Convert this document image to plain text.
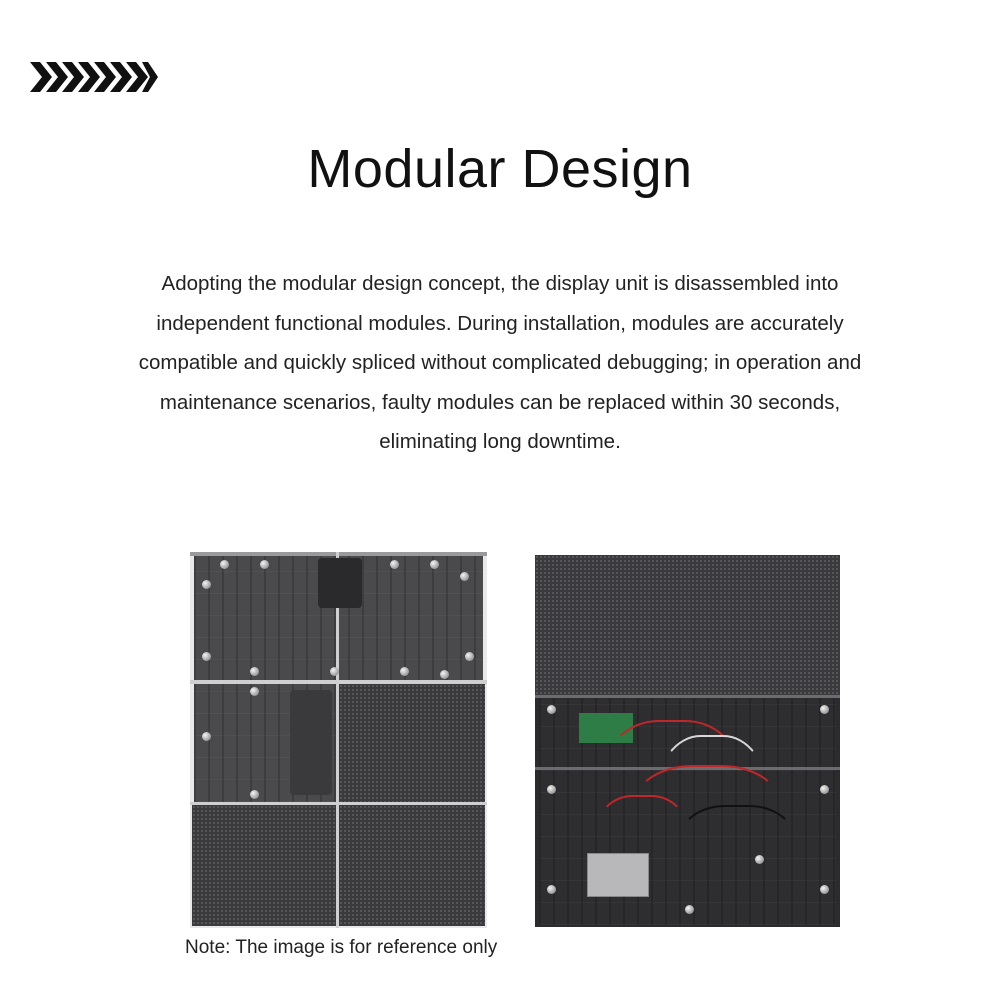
Modular Design
Adopting the modular design concept, the display unit is disassembled into
independent functional modules. During installation, modules are accurately
compatible and quickly spliced without complicated debugging; in operation and
maintenance scenarios, faulty modules can be replaced within 30 seconds,
eliminating long downtime.
Note: The image is for reference only
